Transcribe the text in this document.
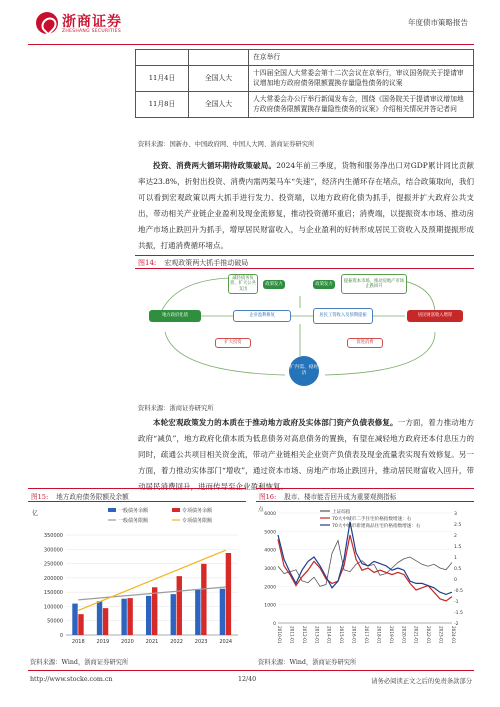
浙商证券
ZHESHANG SECURITIES
年度债市策略报告
		在京举行
11月4日	全国人大	十四届全国人大常委会第十二次会议在京举行，审议国务院关于提请审议增加地方政府债务限额置换存量隐性债务的议案
11月8日	全国人大	人大常委会办公厅举行新闻发布会，围绕《国务院关于提请审议增加地方政府债务限额置换存量隐性债务的议案》介绍相关情况并答记者问
资料来源：国新办、中国政府网、中国人大网、浙商证券研究所
投资、消费两大循环期待政策破局。2024年前三季度，货物和服务净出口对GDP累计同比贡献率达23.8%，折射出投资、消费内需两架马车“失速”，经济内生循环存在堵点，结合政策取向，我们可以看到宏观政策以两大抓手进行发力、投资端，以地方政府化债为抓手，提振并扩大政府公共支出，带动相关产业链企业盈利及现金流修复，推动投资循环重启；消费端，以提振资本市场、推动房地产市场止跌回升为抓手，增厚居民财富收入，与企业盈利的好转形成居民工资收入及预期提振形成共振，打通消费循环堵点。
图14: 宏观政策两大抓手推动破局
减轻债务负担，扩大公共支出
政策发力	政策发力
提振资本市场，推动房地产市场止跌回升
地方政府化债	企业盈利修复	居民工资收入及预期提振	居民财富收入增厚
扩大投资	促进消费
扩内需、稳经济
资料来源：浙商证券研究所
本轮宏观政策发力的本质在于推动地方政府及实体部门资产负债表修复。一方面，着力推动地方政府“减负”，地方政府化债本质为低息债务对高息债务的置换，有望在减轻地方政府还本付息压力的同时，疏通公共项目相关资金流，带动产业链相关企业资产负债表及现金流量表实现有效修复。另一方面，着力推动实体部门“增收”，通过资本市场、房地产市场止跌回升，推动居民财富收入回升，带动居民消费回升，进而传导至企业盈利恢复。
图15: 地方政府债务限额及余额
亿
0
50000
100000
150000
200000
250000
300000
350000
2018 2019 2020 2021 2022 2023 2024
一般债务余额	专项债务余额
一般债务限额	专项债务限额
资料来源：Wind，浙商证券研究所
图16: 股市、楼市能否回升成为重要观测指标
点
0
1000
2000
3000
4000
5000
6000
-2
-1.5
-1
-0.5
0
0.5
1
1.5
2
2.5
3
2010-01 2011-01 2012-01 2013-01 2014-01 2015-01 2016-01 2017-01 2018-01 2019-01 2020-01 2021-01 2022-01 2023-01 2024-01
上证综指
70大中城市二手住宅价格指数增速：右
70大中城市新建商品住宅价格指数增速：右
资料来源：Wind，浙商证券研究所
http://www.stocke.com.cn	12/40	请务必阅读正文之后的免责条款部分
